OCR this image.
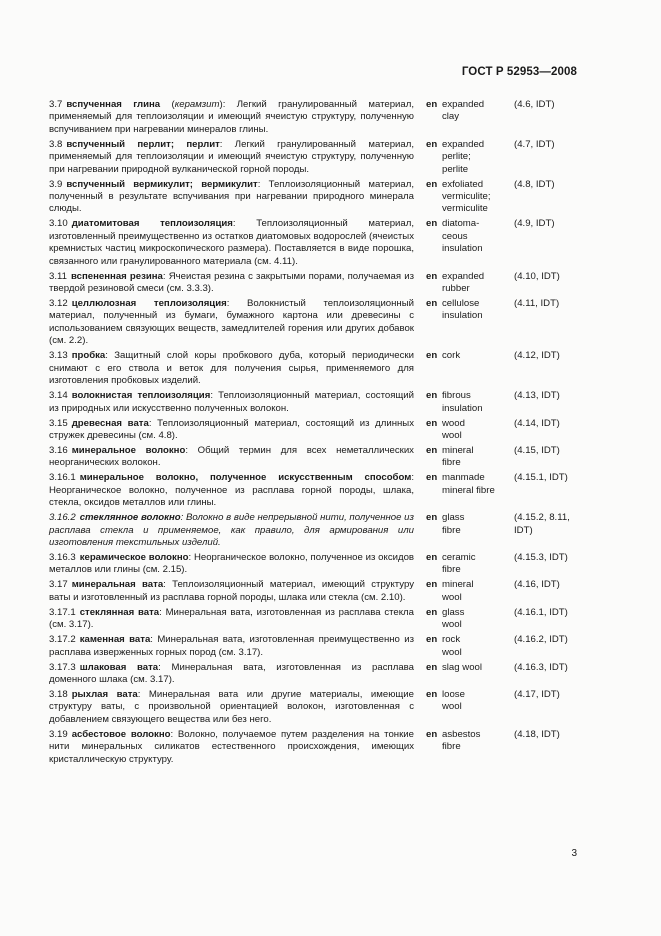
ГОСТ Р 52953—2008
3.7 вспученная глина (керамзит): Легкий гранулированный материал, применяемый для теплоизоляции и имеющий ячеистую структуру, полученную вспучиванием при нагревании минералов глины.
en expanded
clay
(4.6, IDT)
3.8 вспученный перлит; перлит: Легкий гранулированный материал, применяемый для теплоизоляции и имеющий ячеистую структуру, полученную при нагревании природной вулканической горной породы.
en expanded
perlite;
perlite
(4.7, IDT)
3.9 вспученный вермикулит; вермикулит: Теплоизоляционный материал, полученный в результате вспучивания при нагревании природного минерала слюды.
en exfoliated
vermiculite;
vermiculite
(4.8, IDT)
3.10 диатомитовая теплоизоляция: Теплоизоляционный материал, изготовленный преимущественно из остатков диатомовых водорослей (ячеистых кремнистых частиц микроскопического размера). Поставляется в виде порошка, связанного или гранулированного материала (см. 4.11).
en diatoma-
ceous
insulation
(4.9, IDT)
3.11 вспененная резина: Ячеистая резина с закрытыми порами, получаемая из твердой резиновой смеси (см. 3.3.3).
en expanded
rubber
(4.10, IDT)
3.12 целлюлозная теплоизоляция: Волокнистый теплоизоляционный материал, полученный из бумаги, бумажного картона или древесины с использованием связующих веществ, замедлителей горения или других добавок (см. 2.2).
en cellulose
insulation
(4.11, IDT)
3.13 пробка: Защитный слой коры пробкового дуба, который периодически снимают с его ствола и веток для получения сырья, применяемого для изготовления пробковых изделий.
en cork	(4.12, IDT)
3.14 волокнистая теплоизоляция: Теплоизоляционный материал, состоящий из природных или искусственно полученных волокон.
en fibrous
insulation
(4.13, IDT)
3.15 древесная вата: Теплоизоляционный материал, состоящий из длинных стружек древесины (см. 4.8).
en wood
wool
(4.14, IDT)
3.16 минеральное волокно: Общий термин для всех неметаллических неорганических волокон.
en mineral
fibre
(4.15, IDT)
3.16.1 минеральное волокно, полученное искусственным способом: Неорганическое волокно, полученное из расплава горной породы, шлака, стекла, оксидов металлов или глины.
en manmade
mineral fibre
(4.15.1, IDT)
3.16.2 стеклянное волокно: Волокно в виде непрерывной нити, полученное из расплава стекла и применяемое, как правило, для армирования или изготовления текстильных изделий.
en glass
fibre
(4.15.2, 8.11, IDT)
3.16.3 керамическое волокно: Неорганическое волокно, полученное из оксидов металлов или глины (см. 2.15).
en ceramic
fibre
(4.15.3, IDT)
3.17 минеральная вата: Теплоизоляционный материал, имеющий структуру ваты и изготовленный из расплава горной породы, шлака или стекла (см. 2.10).
en mineral
wool
(4.16, IDT)
3.17.1 стеклянная вата: Минеральная вата, изготовленная из расплава стекла (см. 3.17).
en glass
wool
(4.16.1, IDT)
3.17.2 каменная вата: Минеральная вата, изготовленная преимущественно из расплава изверженных горных пород (см. 3.17).
en rock
wool
(4.16.2, IDT)
3.17.3 шлаковая вата: Минеральная вата, изготовленная из расплава доменного шлака (см. 3.17).
en slag wool	(4.16.3, IDT)
3.18 рыхлая вата: Минеральная вата или другие материалы, имеющие структуру ваты, с произвольной ориентацией волокон, изготовленная с добавлением связующего вещества или без него.
en loose
wool
(4.17, IDT)
3.19 асбестовое волокно: Волокно, получаемое путем разделения на тонкие нити минеральных силикатов естественного происхождения, имеющих кристаллическую структуру.
en asbestos
fibre
(4.18, IDT)
3
